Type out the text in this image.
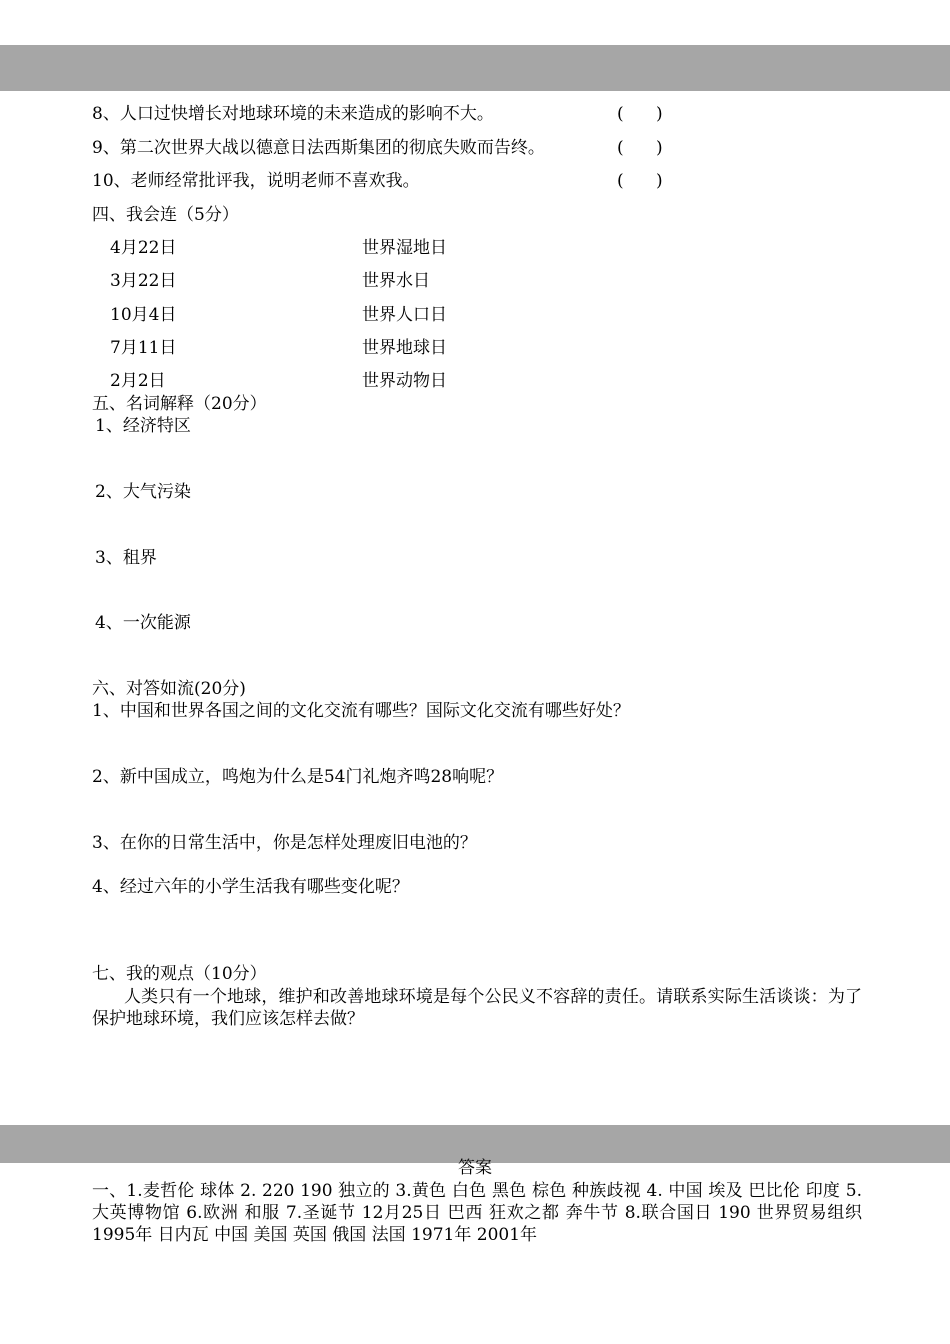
8、人口过快增长对地球环境的未来造成的影响不大。	(      )
9、第二次世界大战以德意日法西斯集团的彻底失败而告终。	(      )
10、老师经常批评我，说明老师不喜欢我。	(      )
四、我会连（5分）
4月22日	世界湿地日
3月22日	世界水日
10月4日	世界人口日
7月11日	世界地球日
2月2日	世界动物日
五、名词解释（20分）
1、经济特区
2、大气污染
3、租界
4、一次能源
六、对答如流(20分)
1、中国和世界各国之间的文化交流有哪些？国际文化交流有哪些好处？
2、新中国成立，鸣炮为什么是54门礼炮齐鸣28响呢？
3、在你的日常生活中，你是怎样处理废旧电池的？
4、经过六年的小学生活我有哪些变化呢？
七、我的观点（10分）
人类只有一个地球，维护和改善地球环境是每个公民义不容辞的责任。请联系实际生活谈谈：为了保护地球环境，我们应该怎样去做？
答案
一、1.麦哲伦 球体 2. 220 190 独立的 3.黄色 白色 黑色 棕色 种族歧视 4. 中国 埃及 巴比伦 印度 5.大英博物馆 6.欧洲 和服 7.圣诞节 12月25日 巴西 狂欢之都 奔牛节 8.联合国日 190 世界贸易组织 1995年 日内瓦 中国 美国 英国 俄国 法国 1971年 2001年
